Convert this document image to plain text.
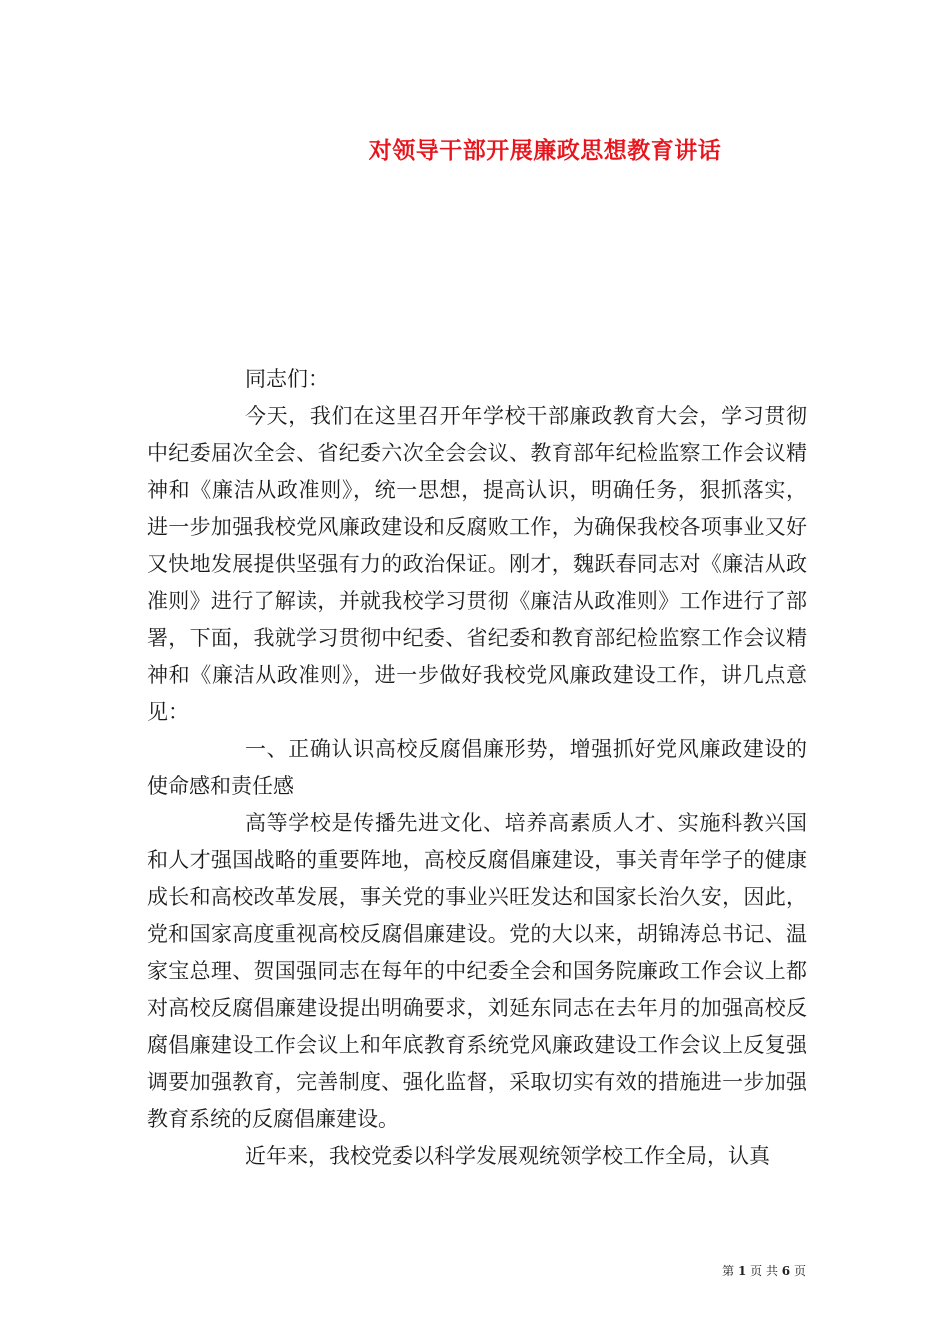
对领导干部开展廉政思想教育讲话

同志们：

今天，我们在这里召开年学校干部廉政教育大会，学习贯彻中纪委届次全会、省纪委六次全会会议、教育部年纪检监察工作会议精神和《廉洁从政准则》，统一思想，提高认识，明确任务，狠抓落实，进一步加强我校党风廉政建设和反腐败工作，为确保我校各项事业又好又快地发展提供坚强有力的政治保证。刚才，魏跃春同志对《廉洁从政准则》进行了解读，并就我校学习贯彻《廉洁从政准则》工作进行了部署，下面，我就学习贯彻中纪委、省纪委和教育部纪检监察工作会议精神和《廉洁从政准则》，进一步做好我校党风廉政建设工作，讲几点意见：

一、正确认识高校反腐倡廉形势，增强抓好党风廉政建设的使命感和责任感

高等学校是传播先进文化、培养高素质人才、实施科教兴国和人才强国战略的重要阵地，高校反腐倡廉建设，事关青年学子的健康成长和高校改革发展，事关党的事业兴旺发达和国家长治久安，因此，党和国家高度重视高校反腐倡廉建设。党的大以来，胡锦涛总书记、温家宝总理、贺国强同志在每年的中纪委全会和国务院廉政工作会议上都对高校反腐倡廉建设提出明确要求，刘延东同志在去年月的加强高校反腐倡廉建设工作会议上和年底教育系统党风廉政建设工作会议上反复强调要加强教育，完善制度、强化监督，采取切实有效的措施进一步加强教育系统的反腐倡廉建设。

近年来，我校党委以科学发展观统领学校工作全局，认真

第 1 页 共 6 页
